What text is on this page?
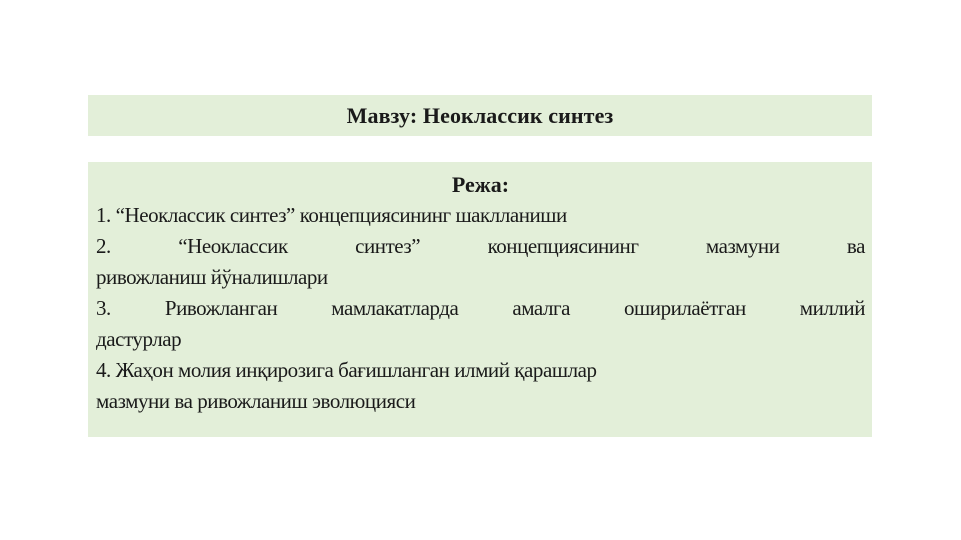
Мавзу: Неоклассик синтез
Режа:
1. “Неоклассик синтез” концепциясининг шаклланиши
2. “Неоклассик синтез” концепциясининг мазмуни ва
ривожланиш йўналишлари
3. Ривожланган мамлакатларда амалга оширилаётган миллий
дастурлар
4. Жаҳон молия инқирозига бағишланган илмий қарашлар
мазмуни ва ривожланиш эволюцияси
